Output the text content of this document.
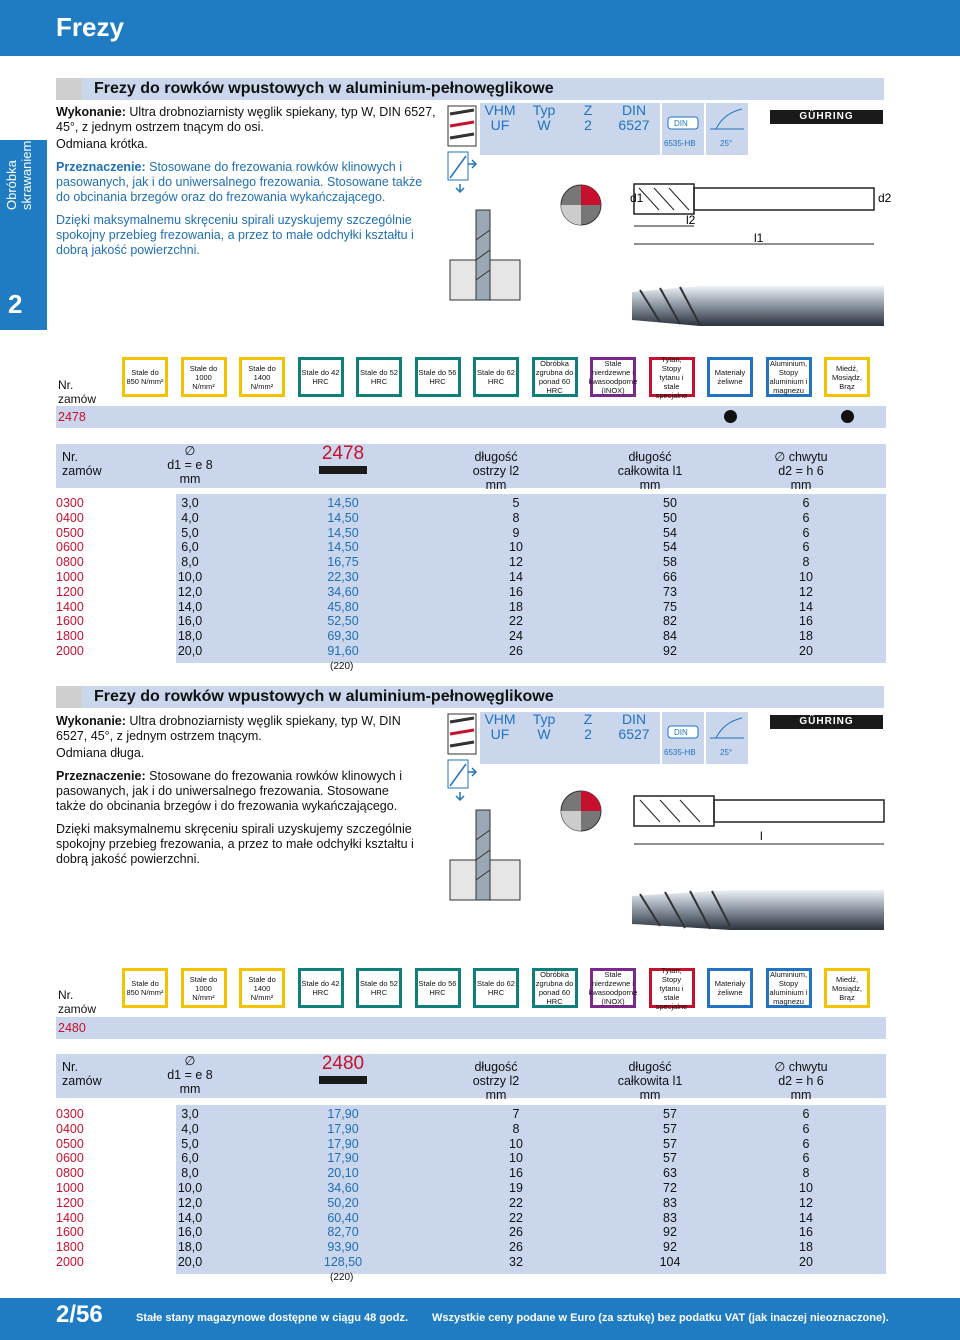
Frezy
Obróbka
skrawaniem
2
Frezy do rowków wpustowych w aluminium-pełnowęglikowe

Wykonanie: Ultra drobnoziarnisty węglik spiekany, typ W, DIN 6527, 45°, z jednym ostrzem tnącym do osi.

Odmiana krótka.

Przeznaczenie: Stosowane do frezowania rowków klinowych i pasowanych, jak i do uniwersalnego frezowania. Stosowane także do obcinania brzegów oraz do frezowania wykańczającego.

Dzięki maksymalnemu skręceniu spirali uzyskujemy szczególnie spokojny przebieg frezowania, a przez to małe odchyłki kształtu i dobrą jakość powierzchni.

VHM
UF
Typ
W
Z
2
DIN
6527	DIN
6535-HB	25°
GÜHRING
d1	d2
l2
l1
Nr.
zamów
Stale do 850 N/mm²
Stale do 1000 N/mm²
Stale do 1400 N/mm²
Stale do 42 HRC
Stale do 52 HRC
Stale do 56 HRC
Stale do 62 HRC
Obróbka zgrubna do ponad 60 HRC
Stale nierdzewne i kwasoodporne (INOX)
Tytan, Stopy tytanu i stale specjalne
Materiały żeliwne
Aluminium, Stopy aluminium i magnezu
Miedź, Mosiądz, Brąz
2478
Nr.
zamów
∅
d1 = e 8
mm
2478	długość
ostrzy l2
mm
długość
całkowita l1
mm
∅ chwytu
d2 = h 6
mm
0300	3,0	14,50	5	50	6
0400	4,0	14,50	8	50	6
0500	5,0	14,50	9	54	6
0600	6,0	14,50	10	54	6
0800	8,0	16,75	12	58	8
1000	10,0	22,30	14	66	10
1200	12,0	34,60	16	73	12
1400	14,0	45,80	18	75	14
1600	16,0	52,50	22	82	16
1800	18,0	69,30	24	84	18
2000	20,0	91,60	26	92	20
(220)
Frezy do rowków wpustowych w aluminium-pełnowęglikowe

Wykonanie: Ultra drobnoziarnisty węglik spiekany, typ W, DIN 6527, 45°, z jednym ostrzem tnącym.

Odmiana długa.

Przeznaczenie: Stosowane do frezowania rowków klinowych i pasowanych, jak i do uniwersalnego frezowania. Stosowane także do obcinania brzegów i do frezowania wykańczającego.

Dzięki maksymalnemu skręceniu spirali uzyskujemy szczególnie spokojny przebieg frezowania, a przez to małe odchyłki kształtu i dobrą jakość powierzchni.

VHM
UF
Typ
W
Z
2
DIN
6527	DIN
6535-HB	25°
GÜHRING
l
Nr.
zamów
Stale do 850 N/mm²
Stale do 1000 N/mm²
Stale do 1400 N/mm²
Stale do 42 HRC
Stale do 52 HRC
Stale do 56 HRC
Stale do 62 HRC
Obróbka zgrubna do ponad 60 HRC
Stale nierdzewne i kwasoodporne (INOX)
Tytan, Stopy tytanu i stale specjalne
Materiały żeliwne
Aluminium, Stopy aluminium i magnezu
Miedź, Mosiądz, Brąz
2480
Nr.
zamów
∅
d1 = e 8
mm
2480	długość
ostrzy l2
mm
długość
całkowita l1
mm
∅ chwytu
d2 = h 6
mm
0300	3,0	17,90	7	57	6
0400	4,0	17,90	8	57	6
0500	5,0	17,90	10	57	6
0600	6,0	17,90	10	57	6
0800	8,0	20,10	16	63	8
1000	10,0	34,60	19	72	10
1200	12,0	50,20	22	83	12
1400	14,0	60,40	22	83	14
1600	16,0	82,70	26	92	16
1800	18,0	93,90	26	92	18
2000	20,0	128,50	32	104	20
(220)
2/56	Stałe stany magazynowe dostępne w ciągu 48 godz. Wszystkie ceny podane w Euro (za sztukę) bez podatku VAT (jak inaczej nieoznaczone).
